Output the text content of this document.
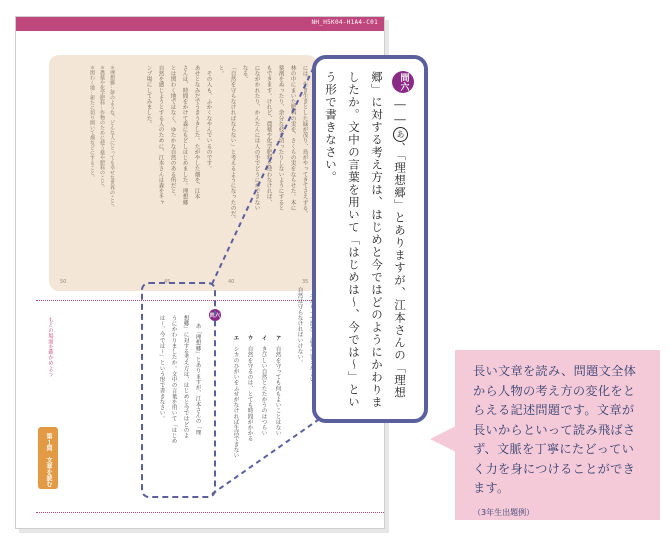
NH_H5K04-H1A4-C01
には、生き生きとした緑が茂り、鳥がやってきてさえずる。
林の中にまいた肥料の実を、さくらの実をならせた。木に
薬剤をぬったり、余分な枝を切ったりしないようにすると
もできます。けれど、農薬や化学肥料を使わなければ、
にながかれたり、かんたんには人の手でどうにかできない
なる。
「自然を守らなければならない」と考えるようになったのだ。
と。
　その人も、ふかくなやんでいるのです。
あせとなみだでうきうきした。たがやした畑を、江本
さんは、時間をかけて森にもどしはじめました。理想郷
とは関わく地ではなく、ゆたかな自然のある所だと。
自然を感じようとする人のために、江本さんは森をキャ
ンプ場にしてみました。
＊理想郷…夢のような、どんな人にとっても幸せな世界のこと。
＊農薬や化学肥料…作物のために使う薬や肥料のこと。
＊関わく地…新たに切り開いて畑などにすること。
50	45	40	35
もとの場面を確かめよう
第１問　文章を読む
問六
あ「理想郷」とありますが、江本さんの「理
想郷」に対する考え方は、はじめと今ではどのよ
うにかわりましたか。文中の言葉を用いて「はじめ
は〜、今では〜」という形で書きなさい。	自然は守らなければいけない。
ア　自然を守っても何もよいことはない
イ　きびしい自然とたたかうのはつらい
ウ　自然を守るのは、とても時間がかかる
エ　シカのひがいをふせがなければ生活できない
問六――あ、「理想郷」とありますが、江本さんの「理想郷」に対する考え方は、はじめと今ではどのようにかわりましたか。文中の言葉を用いて「はじめは〜、今では〜」という形で書きなさい。
長い文章を読み、問題文全体から人物の考え方の変化をとらえる記述問題です。文章が長いからといって読み飛ばさず、文脈を丁寧にたどっていく力を身につけることができます。
（3年生出題例）
